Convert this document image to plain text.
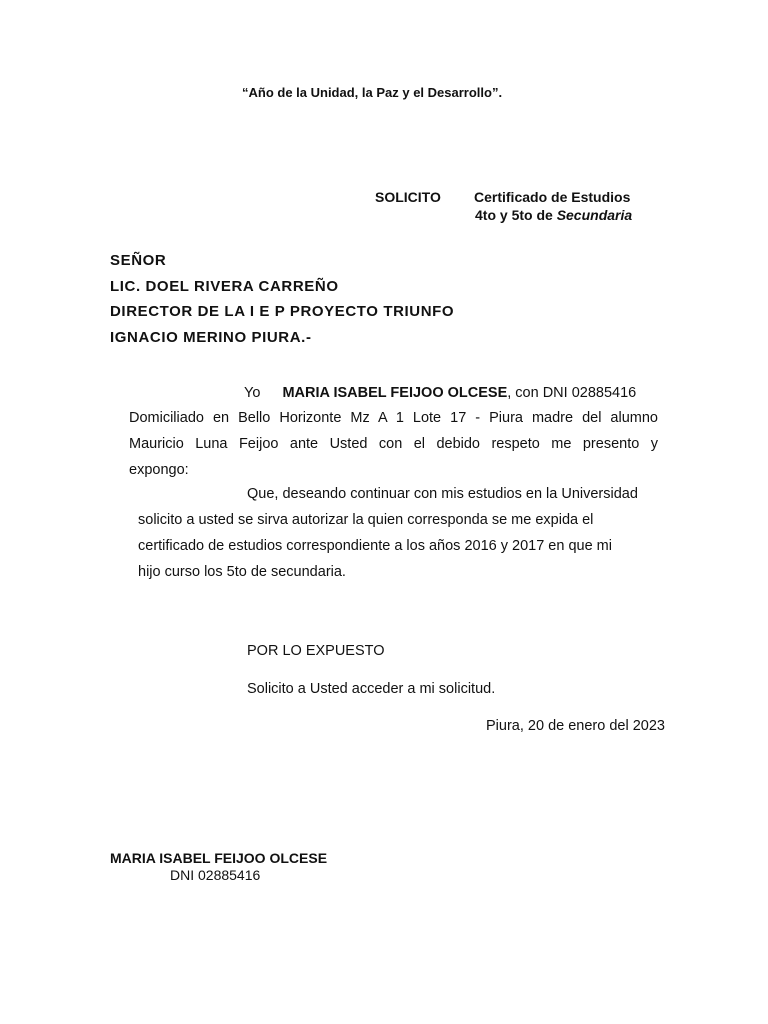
“Año de la Unidad, la Paz y el Desarrollo”.
SOLICITO Certificado de Estudios
4to y 5to de Secundaria
SEÑOR
LIC. DOEL RIVERA CARREÑO
DIRECTOR DE LA I E P PROYECTO TRIUNFO
IGNACIO MERINO PIURA.-
Yo MARIA ISABEL FEIJOO OLCESE, con DNI 02885416
Domiciliado en Bello Horizonte Mz A 1 Lote 17 - Piura madre del alumno
Mauricio Luna Feijoo ante Usted con el debido respeto me presento y
expongo:
Que, deseando continuar con mis estudios en la Universidad
solicito a usted se sirva autorizar la quien corresponda se me expida el
certificado de estudios correspondiente a los años 2016 y 2017 en que mi
hijo curso los 5to de secundaria.
POR LO EXPUESTO
Solicito a Usted acceder a mi solicitud.
Piura, 20 de enero del 2023
MARIA ISABEL FEIJOO OLCESE
DNI 02885416
